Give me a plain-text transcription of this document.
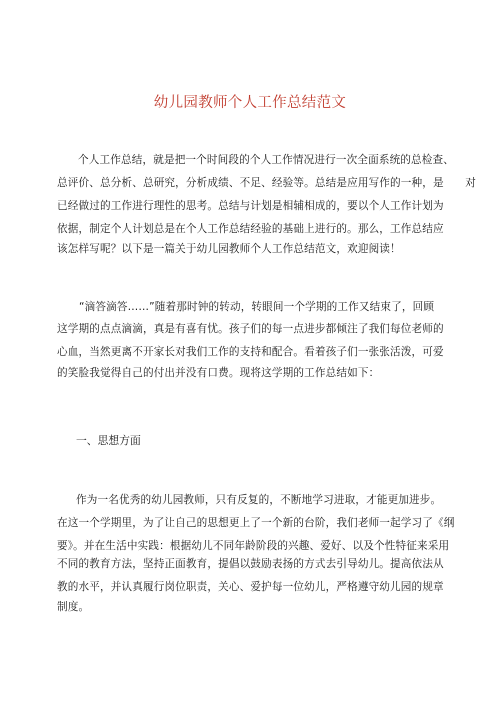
幼儿园教师个人工作总结范文
个人工作总结，就是把一个时间段的个人工作情况进行一次全面系统的总检查、
总评价、总分析、总研究，分析成绩、不足、经验等。总结是应用写作的一种，是　　对
已经做过的工作进行理性的思考。总结与计划是相辅相成的，要以个人工作计划为
依据，制定个人计划总是在个人工作总结经验的基础上进行的。那么，工作总结应
该怎样写呢？以下是一篇关于幼儿园教师个人工作总结范文，欢迎阅读！
“滴答滴答……”随着那时钟的转动，转眼间一个学期的工作又结束了，回顾
这学期的点点滴滴，真是有喜有忧。孩子们的每一点进步都倾注了我们每位老师的
心血，当然更离不开家长对我们工作的支持和配合。看着孩子们一张张活泼，可爱
的笑脸我觉得自己的付出并没有口费。现将这学期的工作总结如下：
一、思想方面
作为一名优秀的幼儿园教师，只有反复的，不断地学习进取，才能更加进步。
在这一个学期里，为了让自己的思想更上了一个新的台阶，我们老师一起学习了《纲
要》。并在生活中实践：根据幼儿不同年龄阶段的兴趣、爱好、以及个性特征来采用
不同的教育方法，坚持正面教育，提倡以鼓励表扬的方式去引导幼儿。提高依法从
教的水平，并认真履行岗位职责，关心、爱护每一位幼儿，严格遵守幼儿园的规章
制度。
